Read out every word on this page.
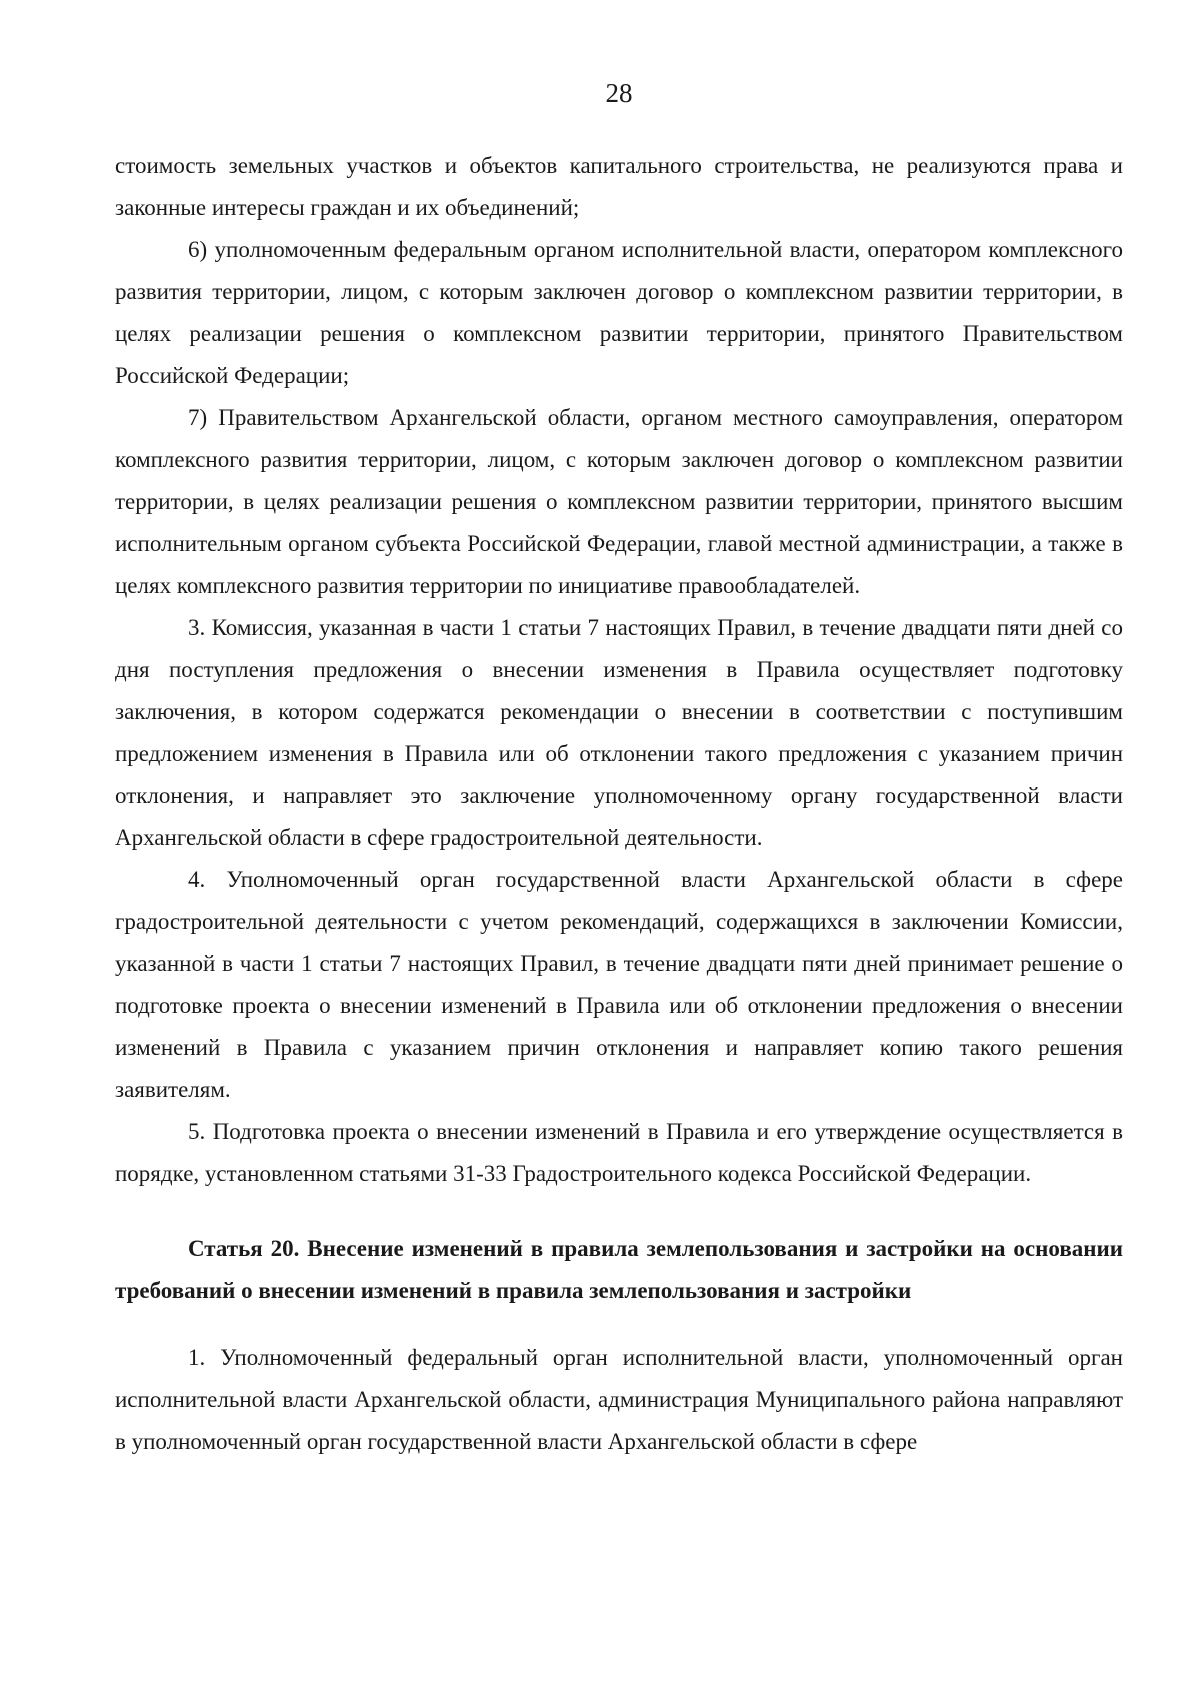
28

стоимость земельных участков и объектов капитального строительства, не реализуются права и законные интересы граждан и их объединений;

6) уполномоченным федеральным органом исполнительной власти, оператором комплексного развития территории, лицом, с которым заключен договор о комплексном развитии территории, в целях реализации решения о комплексном развитии территории, принятого Правительством Российской Федерации;

7) Правительством Архангельской области, органом местного самоуправления, оператором комплексного развития территории, лицом, с которым заключен договор о комплексном развитии территории, в целях реализации решения о комплексном развитии территории, принятого высшим исполнительным органом субъекта Российской Федерации, главой местной администрации, а также в целях комплексного развития территории по инициативе правообладателей.

3. Комиссия, указанная в части 1 статьи 7 настоящих Правил, в течение двадцати пяти дней со дня поступления предложения о внесении изменения в Правила осуществляет подготовку заключения, в котором содержатся рекомендации о внесении в соответствии с поступившим предложением изменения в Правила или об отклонении такого предложения с указанием причин отклонения, и направляет это заключение уполномоченному органу государственной власти Архангельской области в сфере градостроительной деятельности.

4. Уполномоченный орган государственной власти Архангельской области в сфере градостроительной деятельности с учетом рекомендаций, содержащихся в заключении Комиссии, указанной в части 1 статьи 7 настоящих Правил, в течение двадцати пяти дней принимает решение о подготовке проекта о внесении изменений в Правила или об отклонении предложения о внесении изменений в Правила с указанием причин отклонения и направляет копию такого решения заявителям.

5. Подготовка проекта о внесении изменений в Правила и его утверждение осуществляется в порядке, установленном статьями 31-33 Градостроительного кодекса Российской Федерации.

Статья 20. Внесение изменений в правила землепользования и застройки на основании требований о внесении изменений в правила землепользования и застройки

1. Уполномоченный федеральный орган исполнительной власти, уполномоченный орган исполнительной власти Архангельской области, администрация Муниципального района направляют в уполномоченный орган государственной власти Архангельской области в сфере
